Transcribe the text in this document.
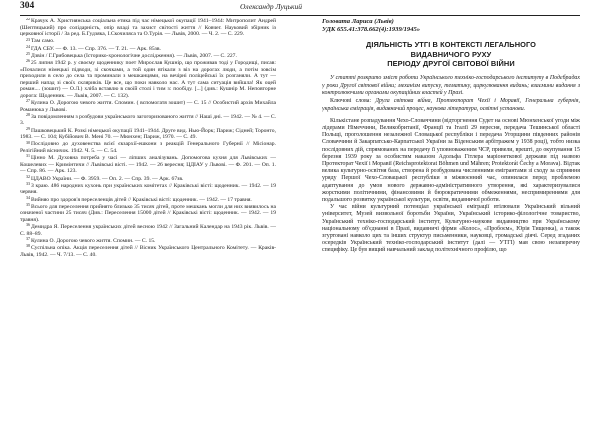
304	Олександр Луцький

$^{22}$Крачук А. Християнська соціальна етика під час німецької окупації 1941–1944: Митрополит Андрей (Шептицький) про солідарність, опір владі та захист світості життя // Ковчег. Науковий збірник із церковної історії / За ред. Б.Гудзяка, І.Скочиляса та О.Турія. — Львів, 2000. — Ч. 2. — С. 229.

$^{23}$Там само.

$^{24}$ГДА СБУ. — Ф. 13. — Спр. 376. — Т. 21. — Арк. 85зв.

$^{25}$Дзвін / Г.Грибовецька (Історико-хронологічне дослідження). — Львів, 2007. — С. 227.

$^{26}$25 липня 1942 р. у своєму щоденнику поет Мирослав Кушнір, що проживав тоді у Городищі, писав: «Почалися німецькі підводи, зі скочками, а той один втікали з віз на дорогах люди, а потім зовсім приходили в село до села та проминали з мешканцями, на вечірні поліцейські їх розганяли. А тут — перший напад зі своїх скляриків. Це все, що поки навколо нас. А тут сама ситуація вийшла! Як оцей роман.... (зошит) — О.Л.) хліба вставлю в своїй столі і тим з: пообіду. [...] (див.: Кушнір М. Неповторне дорога: Щоденник. — Львів, 2007. — С. 132).

$^{27}$Кулина О. Дорогою чевого життя. Спомин. ( вспомогатя зошит) — С. 15 // Особистий архів Михайла Романюка у Львові.

$^{28}$За повідомленням з розбудови українського загогоризованого життя // Наші дні. — 1942. — № 4. — С. 3.

$^{29}$Пашковецький К. Розкі німецької окупації 1941–1944. Друге вид. Нью-Йорк; Париж; Сідней; Торонто, 1983. — С. 104; Кубійович В. Мені 70. — Мюнхен; Париж, 1970. — С. 49.

$^{30}$Послідовно до духовенства всієї єкзархії-ешкони з реакцій Генерального Губернії // Місіонар. Релігійний вісничок. 1942. Ч. 5. — С. 54.

$^{31}$Цінно М. Духовна потреба у часі — ліпших аналізувань. Допомогова кухня для Львівських — Кошелевих — Кримінтичи // Львівські вісті. — 1942. — 26 вересня; ЦДІАУ у Львові. — Ф. 201. — Оп. 1. — Спр. 86. — Арк. 123.

$^{32}$ЦДАВО України. — Ф. 3959. — Оп. 2. — Спр. 39. — Арк. 67зв.

$^{33}$З краю. 486 народних кухонь при українських комітетах // Краківські вісті: щоденник. — 1942. — 19 червня.

$^{34}$Вийняо про здоров'я переселенців дітей // Краківські вісті: щоденник. — 1942. — 17 травня.

$^{35}$Всього для переселення прийнято близько 35 тисяч дітей, проте мешкань могли для них виявилось на означеної частини 25 тисяч (Див.: Переселення 15000 дітей // Краківські вісті: щоденник. — 1942. — 19 травня).

$^{36}$Демидра Я. Переселення українських дітей весною 1942 // Загальний Календар на 1943 рік. Львів. — С. 88–89.

$^{37}$Кулина О. Дорогою чевого життя. Спомин. — С. 15.

$^{38}$Суспільна опіка. Акція переселення дітей // Вісник Українського Центрального Комітету. — Краків-Львів, 1942. — Ч. 7/13. — С. 40.

Головата Лариса (Львів)
УДК 655.41:378.662(4):1939/1945»
ДІЯЛЬНІСТЬ УТГІ В КОНТЕКСТІ ЛЕГАЛЬНОГО
ВИДАВНИЧОГО РУХУ
ПЕРІОДУ ДРУГОЇ СВІТОВОЇ ВІЙНИ

У статті розкрито зміст роботи Українського техніко-господарського інституту в Подєбрадах у роки Другої світової війни; механізм випуску, тематику, циркулювання видань; взаємини видання з контролюючими органами окупаційних властей у Празі.

Ключові слова: Друга світова війна, Протекторат Чехії і Моравії, Генеральна губернія, українська еміграція, видавничий процес, наукова література, освітні установи.

Кількістане розпадування Чехо-Словаччини (відторгнення Судет на основі Мюнхенської угоди між лідерами Німеччини, Великобританії, Франції та Італії 29 вересня, передача Тешинської області Польщі, проголошення незалежної Словацької республіки і передача Угорщини південних районів Словаччини й Закарпатсько-Карпатської України за Віденським арбітражем у 1938 році), тобто низка послідовних дій, спрямованих на передачу її уповноваженим ЧСР, привели, врешті, до окупування 15 березня 1939 року за особистим наказом Адольфа Гітлера маріонеткової держави під назвою Протекторат Чехії і Моравії (Reichsprotektorat Böhmen und Mähren; Protektorát Čechy a Morava). Відтак велика культурно-освітня база, створена й розбудована численними емігрантами зі сходу за сприяння уряду Першої Чехо-Словацької республіки в міжвоєнний час, опинилася перед проблемою адаптування до умов нового державно-адміністративного утворення, які характеризувалися жорсткими політичними, фінансовими й бюрократичними обмеженнями, неспримиреннями для подальшого розвитку української культури, освіти, видавничої роботи.

У час війни культурний потенціал української еміграції втілювали Український вільний університет, Музей визвольної боротьби України, Український історико-філологічне товариство, Український техніко-господарський інститут, Культурно-наукове видавництво при Українському національному об'єднанні в Празі, видавничі фірми «Колос», «Пробоєм», Юрія Тищенка), а також згуртовані навколо цих та інших структур письменники, науковці, громадські діячі. Серед згаданих осередків Український техніко-господарський інститут (далі — УТГІ) мав свою незаперечну специфіку. Це був вищий навчальний заклад політехнічного профілю, що
